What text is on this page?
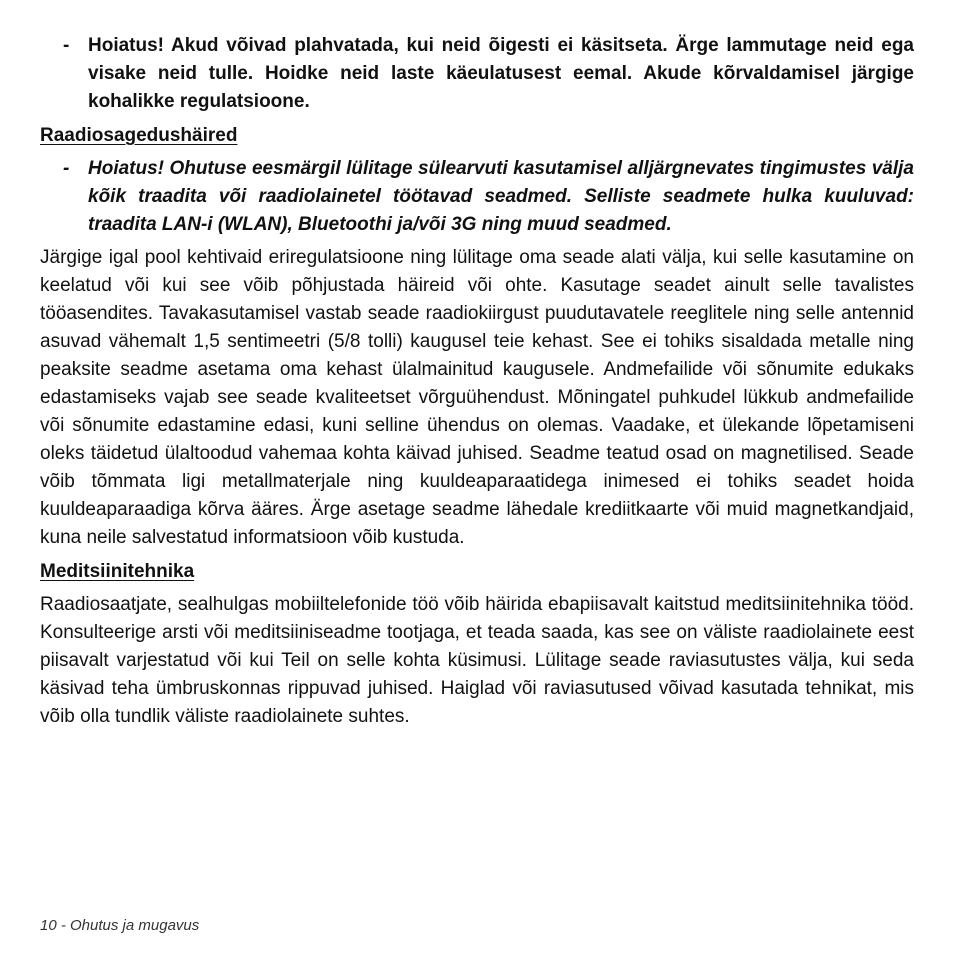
- Hoiatus! Akud võivad plahvatada, kui neid õigesti ei käsitseta. Ärge lammutage neid ega visake neid tulle. Hoidke neid laste käeulatusest eemal. Akude kõrvaldamisel järgige kohalikke regulatsioone.
Raadiosagedushäired
- Hoiatus! Ohutuse eesmärgil lülitage sülearvuti kasutamisel alljärgnevates tingimustes välja kõik traadita või raadiolainetel töötavad seadmed. Selliste seadmete hulka kuuluvad: traadita LAN-i (WLAN), Bluetoothi ja/või 3G ning muud seadmed.
Järgige igal pool kehtivaid eriregulatsioone ning lülitage oma seade alati välja, kui selle kasutamine on keelatud või kui see võib põhjustada häireid või ohte. Kasutage seadet ainult selle tavalistes tööasendites. Tavakasutamisel vastab seade raadiokiirgust puudutavatele reeglitele ning selle antennid asuvad vähemalt 1,5 sentimeetri (5/8 tolli) kaugusel teie kehast. See ei tohiks sisaldada metalle ning peaksite seadme asetama oma kehast ülalmainitud kaugusele. Andmefailide või sõnumite edukaks edastamiseks vajab see seade kvaliteetset võrguühendust. Mõningatel puhkudel lükkub andmefailide või sõnumite edastamine edasi, kuni selline ühendus on olemas. Vaadake, et ülekande lõpetamiseni oleks täidetud ülaltoodud vahemaa kohta käivad juhised. Seadme teatud osad on magnetilised. Seade võib tõmmata ligi metallmaterjale ning kuuldeaparaatidega inimesed ei tohiks seadet hoida kuuldeaparaadiga kõrva ääres. Ärge asetage seadme lähedale krediitkaarte või muid magnetkandjaid, kuna neile salvestatud informatsioon võib kustuda.
Meditsiinitehnika
Raadiosaatjate, sealhulgas mobiiltelefonide töö võib häirida ebapiisavalt kaitstud meditsiinitehnika tööd. Konsulteerige arsti või meditsiiniseadme tootjaga, et teada saada, kas see on väliste raadiolainete eest piisavalt varjestatud või kui Teil on selle kohta küsimusi. Lülitage seade raviasutustes välja, kui seda käsivad teha ümbruskonnas rippuvad juhised. Haiglad või raviasutused võivad kasutada tehnikat, mis võib olla tundlik väliste raadiolainete suhtes.
10 - Ohutus ja mugavus
